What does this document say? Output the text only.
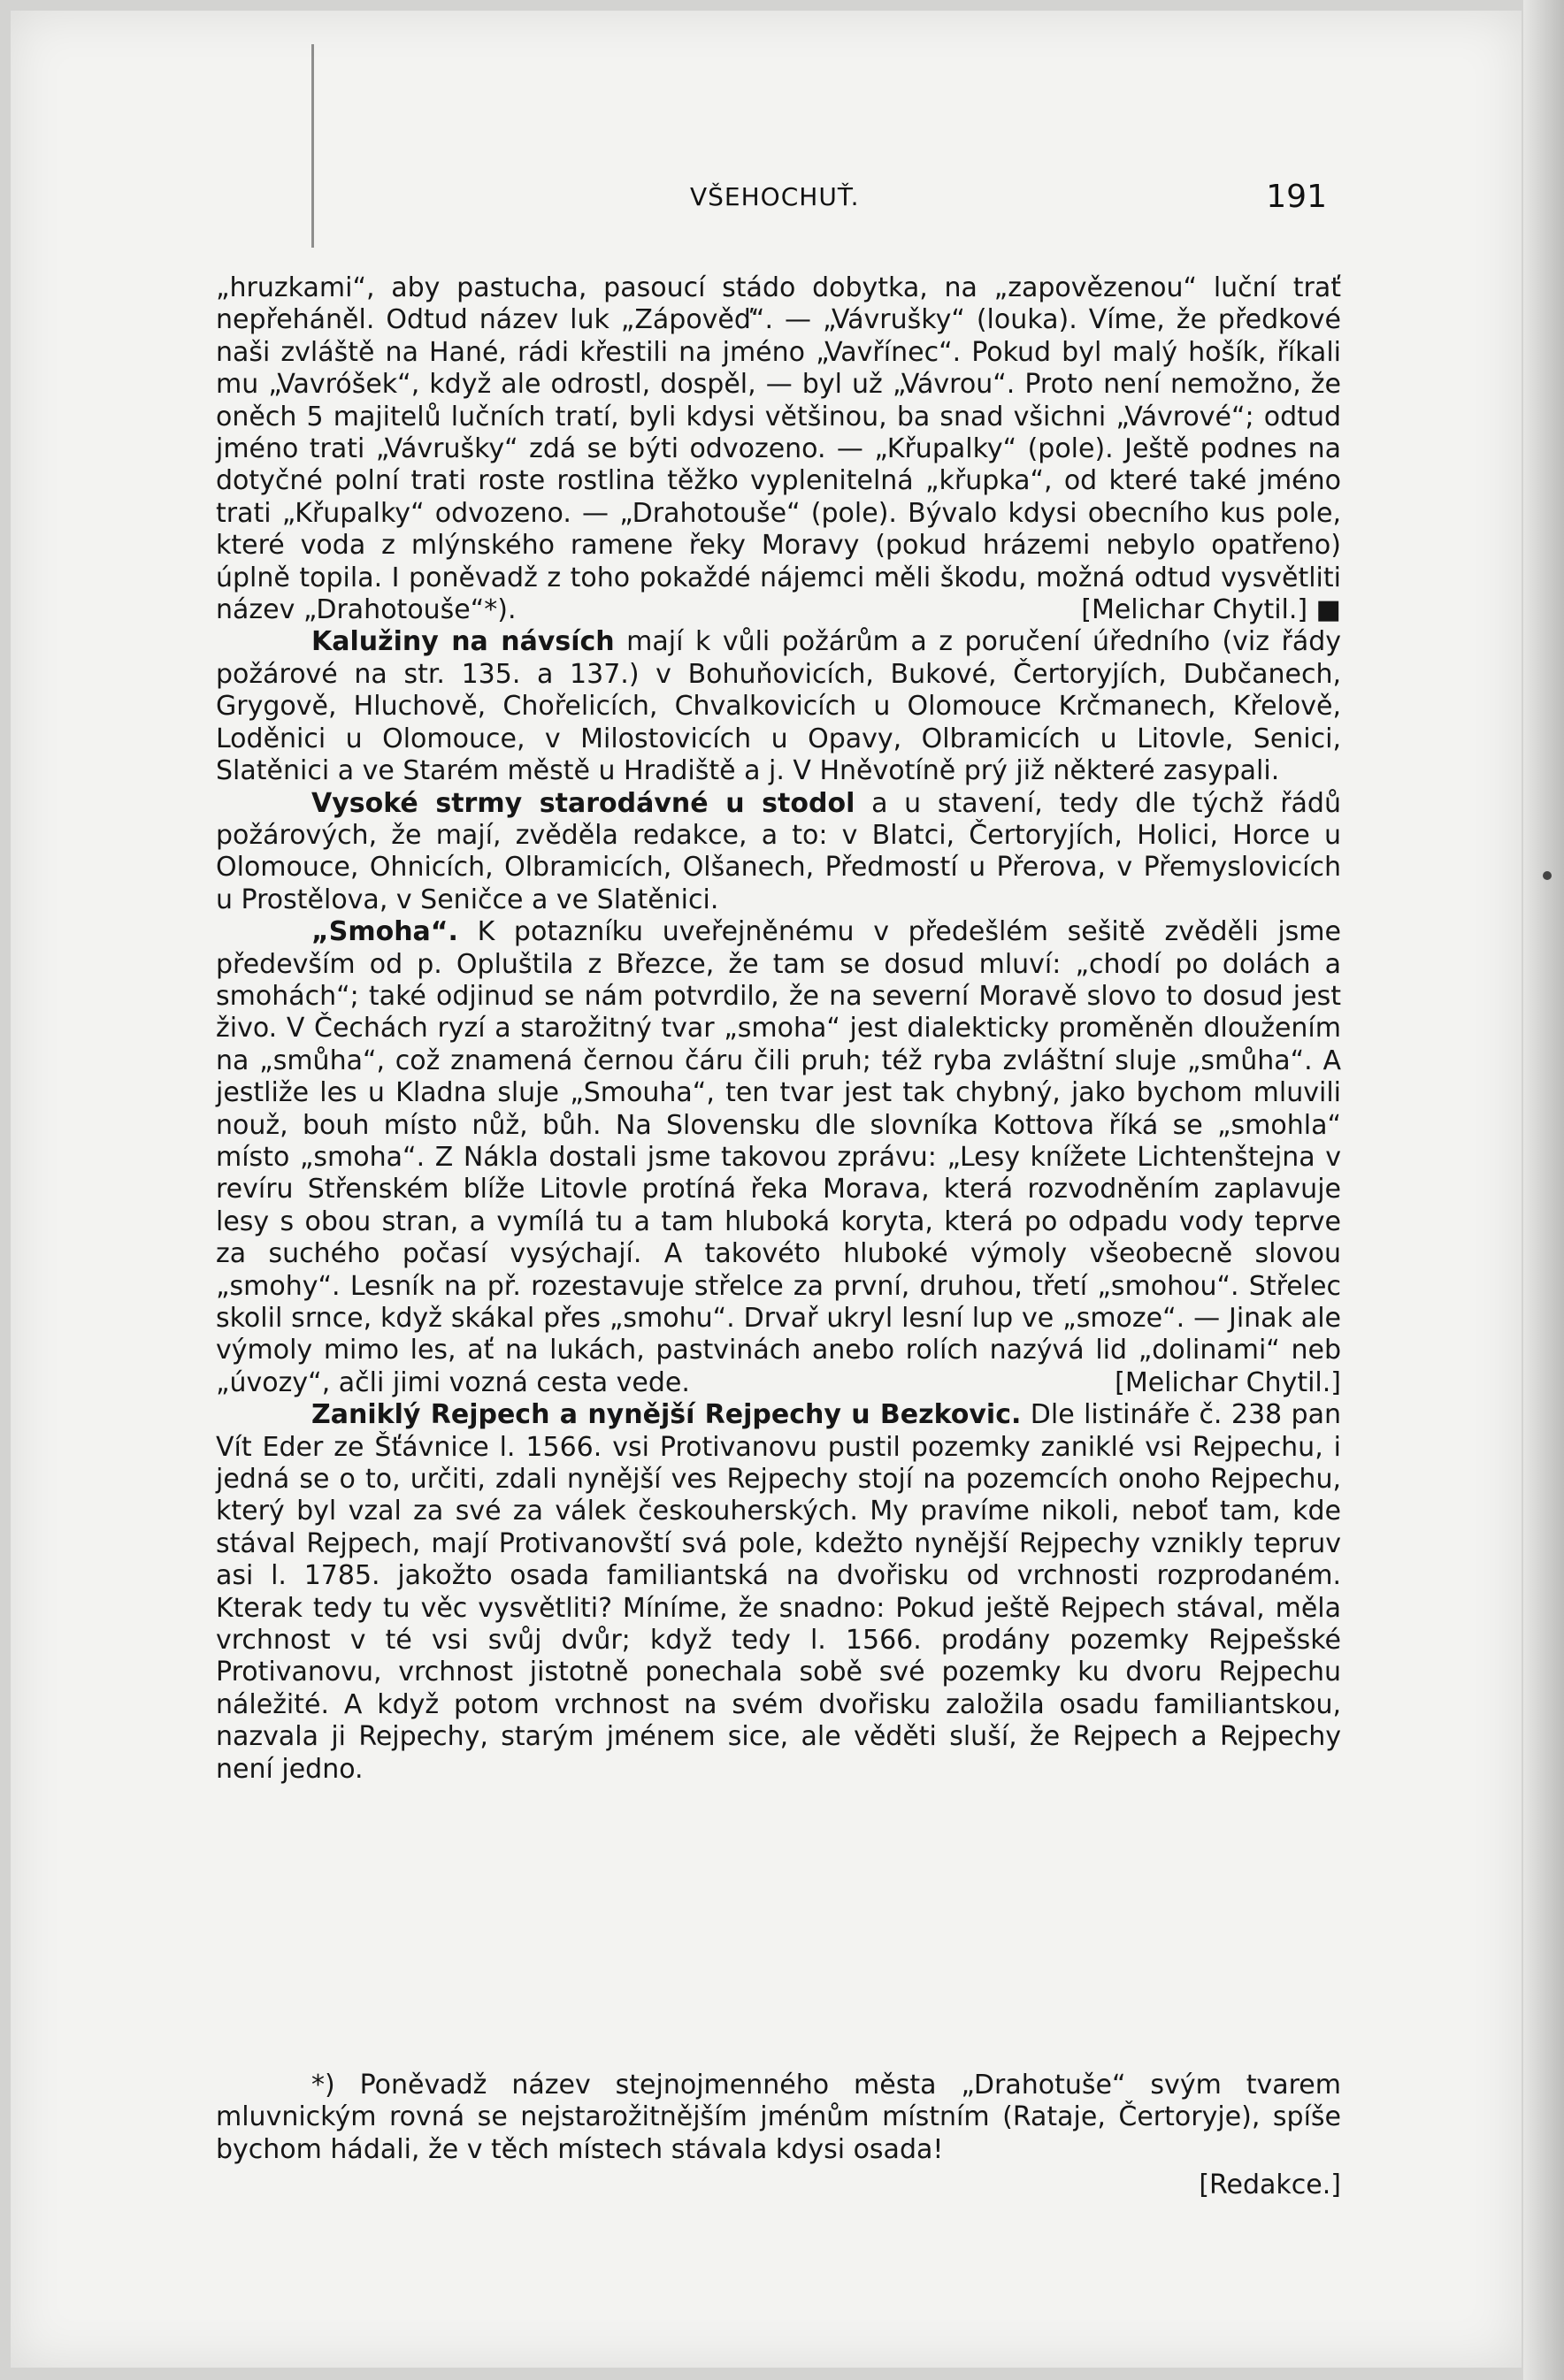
VŠEHOCHUŤ.	191

„hruzkami“, aby pastucha, pasoucí stádo dobytka, na „zapovězenou“ luční trať nepřeháněl. Odtud název luk „Zápověď“. — „Vávrušky“ (louka). Víme, že předkové naši zvláště na Hané, rádi křestili na jméno „Vavřínec“. Pokud byl malý hošík, říkali mu „Vavróšek“, když ale odrostl, dospěl, — byl už „Vávrou“. Proto není nemožno, že oněch 5 majitelů lučních tratí, byli kdysi většinou, ba snad všichni „Vávrové“; odtud jméno trati „Vávrušky“ zdá se býti odvozeno. — „Křupalky“ (pole). Ještě podnes na dotyčné polní trati roste rostlina těžko vyplenitelná „křupka“, od které také jméno trati „Křupalky“ odvozeno. — „Drahotouše“ (pole). Bývalo kdysi obecního kus pole, které voda z mlýnského ramene řeky Moravy (pokud hrázemi nebylo opatřeno) úplně topila. I poněvadž z toho pokaždé nájemci měli škodu, možná odtud vysvětliti název „Drahotouše“*).	[Melichar Chytil.] ■

Kalužiny na návsích mají k vůli požárům a z poručení úředního (viz řády požárové na str. 135. a 137.) v Bohuňovicích, Bukové, Čertoryjích, Dubčanech, Grygově, Hluchově, Chořelicích, Chvalkovicích u Olomouce Krčmanech, Křelově, Loděnici u Olomouce, v Milostovicích u Opavy, Olbramicích u Litovle, Senici, Slatěnici a ve Starém městě u Hradiště a j. V Hněvotíně prý již některé zasypali.

Vysoké strmy starodávné u stodol a u stavení, tedy dle týchž řádů požárových, že mají, zvěděla redakce, a to: v Blatci, Čertoryjích, Holici, Horce u Olomouce, Ohnicích, Olbramicích, Olšanech, Předmostí u Přerova, v Přemyslovicích u Prostělova, v Seničce a ve Slatěnici.

„Smoha“. K potazníku uveřejněnému v předešlém sešitě zvěděli jsme především od p. Opluštila z Březce, že tam se dosud mluví: „chodí po dolách a smohách“; také odjinud se nám potvrdilo, že na severní Moravě slovo to dosud jest živo. V Čechách ryzí a starožitný tvar „smoha“ jest dialekticky proměněn dloužením na „smůha“, což znamená černou čáru čili pruh; též ryba zvláštní sluje „smůha“. A jestliže les u Kladna sluje „Smouha“, ten tvar jest tak chybný, jako bychom mluvili nouž, bouh místo nůž, bůh. Na Slovensku dle slovníka Kottova říká se „smohla“ místo „smoha“. Z Nákla dostali jsme takovou zprávu: „Lesy knížete Lichtenštejna v revíru Střenském blíže Litovle protíná řeka Morava, která rozvodněním zaplavuje lesy s obou stran, a vymílá tu a tam hluboká koryta, která po odpadu vody teprve za suchého počasí vysýchají. A takovéto hluboké výmoly všeobecně slovou „smohy“. Lesník na př. rozestavuje střelce za první, druhou, třetí „smohou“. Střelec skolil srnce, když skákal přes „smohu“. Drvař ukryl lesní lup ve „smoze“. — Jinak ale výmoly mimo les, ať na lukách, pastvinách anebo rolích nazývá lid „dolinami“ neb „úvozy“, ačli jimi vozná cesta vede.	[Melichar Chytil.]

Zaniklý Rejpech a nynější Rejpechy u Bezkovic. Dle listináře č. 238 pan Vít Eder ze Šťávnice l. 1566. vsi Protivanovu pustil pozemky zaniklé vsi Rejpechu, i jedná se o to, určiti, zdali nynější ves Rejpechy stojí na pozemcích onoho Rejpechu, který byl vzal za své za válek českouherských. My pravíme nikoli, neboť tam, kde stával Rejpech, mají Protivanovští svá pole, kdežto nynější Rejpechy vznikly tepruv asi l. 1785. jakožto osada familiantská na dvořisku od vrchnosti rozprodaném. Kterak tedy tu věc vysvětliti? Míníme, že snadno: Pokud ještě Rejpech stával, měla vrchnost v té vsi svůj dvůr; když tedy l. 1566. prodány pozemky Rejpešské Protivanovu, vrchnost jistotně ponechala sobě své pozemky ku dvoru Rejpechu náležité. A když potom vrchnost na svém dvořisku založila osadu familiantskou, nazvala ji Rejpechy, starým jménem sice, ale věděti sluší, že Rejpech a Rejpechy není jedno.

*) Poněvadž název stejnojmenného města „Drahotuše“ svým tvarem mluvnickým rovná se nejstarožitnějším jménům místním (Rataje, Čertoryje), spíše bychom hádali, že v těch místech stávala kdysi osada!

[Redakce.]
